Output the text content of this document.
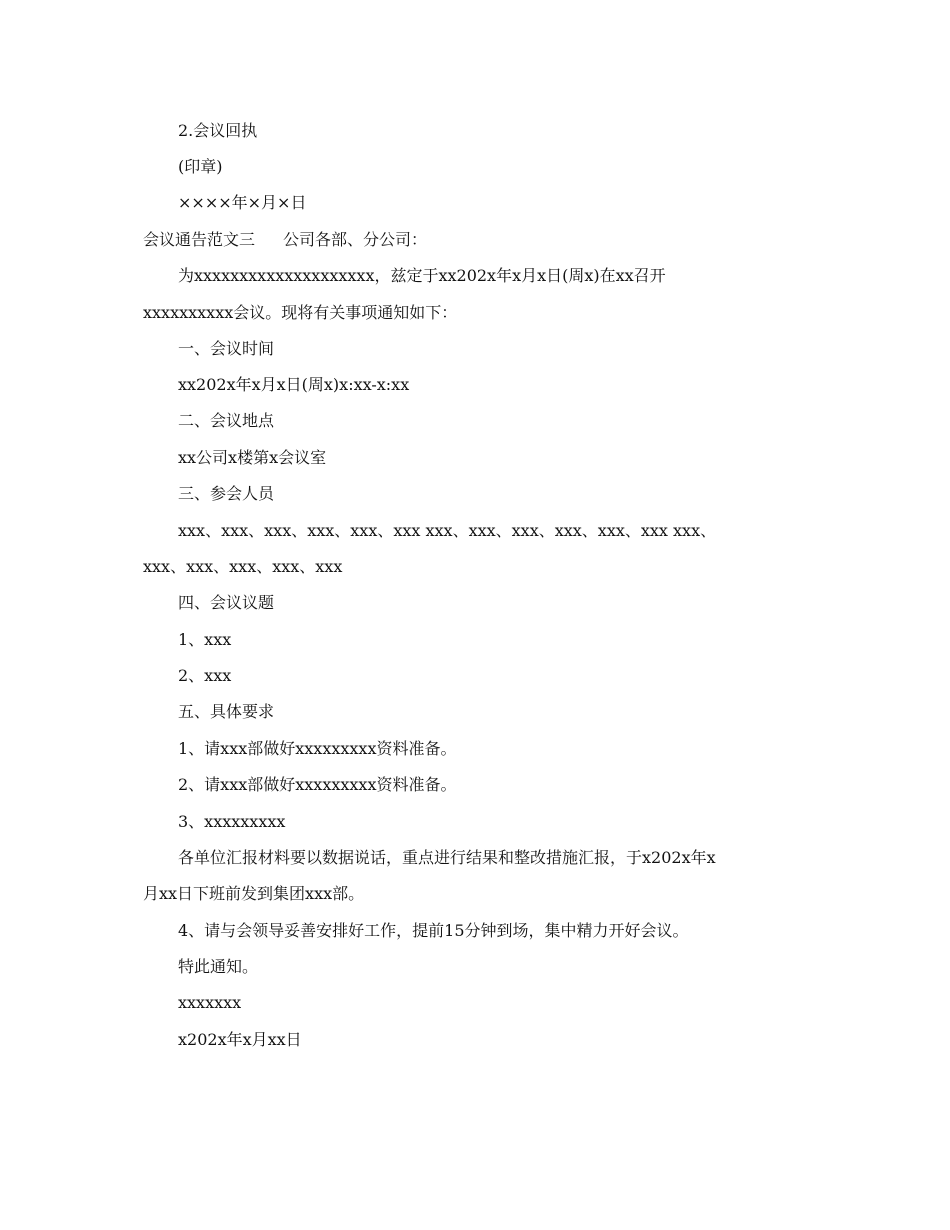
2.会议回执
(印章)
××××年×月×日
会议通告范文三 公司各部、分公司：
为xxxxxxxxxxxxxxxxxxxx，兹定于xx202x年x月x日(周x)在xx召开
xxxxxxxxxx会议。现将有关事项通知如下：
一、会议时间
xx202x年x月x日(周x)x:xx-x:xx
二、会议地点
xx公司x楼第x会议室
三、参会人员
xxx、xxx、xxx、xxx、xxx、xxx xxx、xxx、xxx、xxx、xxx、xxx xxx、
xxx、xxx、xxx、xxx、xxx
四、会议议题
1、xxx
2、xxx
五、具体要求
1、请xxx部做好xxxxxxxxx资料准备。
2、请xxx部做好xxxxxxxxx资料准备。
3、xxxxxxxxx
各单位汇报材料要以数据说话，重点进行结果和整改措施汇报，于x202x年x
月xx日下班前发到集团xxx部。
4、请与会领导妥善安排好工作，提前15分钟到场，集中精力开好会议。
特此通知。
xxxxxxx
x202x年x月xx日
